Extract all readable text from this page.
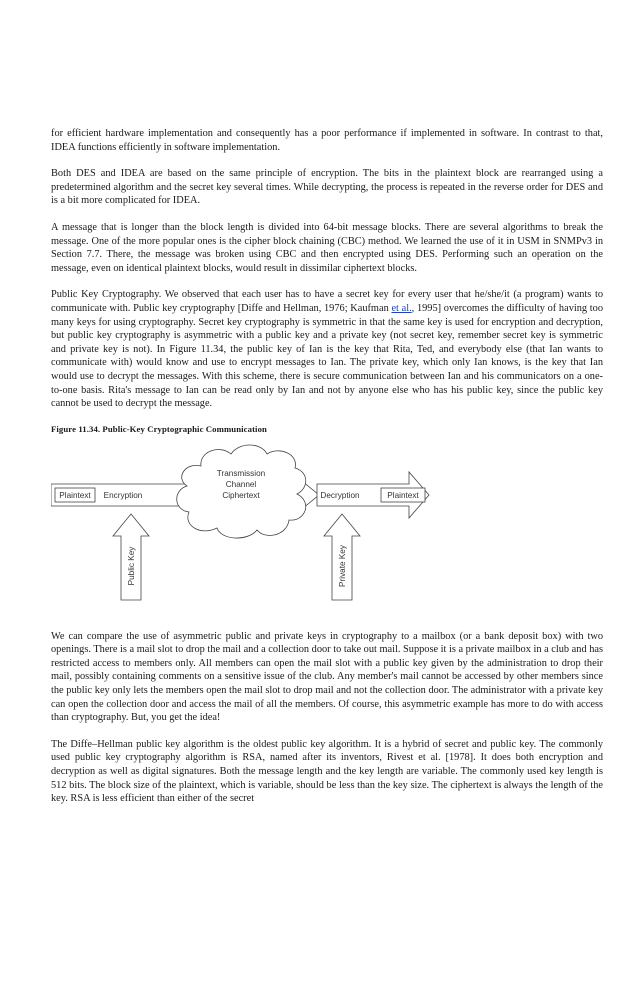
for efficient hardware implementation and consequently has a poor performance if implemented in software. In contrast to that, IDEA functions efficiently in software implementation.

Both DES and IDEA are based on the same principle of encryption. The bits in the plaintext block are rearranged using a predetermined algorithm and the secret key several times. While decrypting, the process is repeated in the reverse order for DES and is a bit more complicated for IDEA.

A message that is longer than the block length is divided into 64-bit message blocks. There are several algorithms to break the message. One of the more popular ones is the cipher block chaining (CBC) method. We learned the use of it in USM in SNMPv3 in Section 7.7. There, the message was broken using CBC and then encrypted using DES. Performing such an operation on the message, even on identical plaintext blocks, would result in dissimilar ciphertext blocks.

Public Key Cryptography. We observed that each user has to have a secret key for every user that he/she/it (a program) wants to communicate with. Public key cryptography [Diffe and Hellman, 1976; Kaufman et al., 1995] overcomes the difficulty of having too many keys for using cryptography. Secret key cryptography is symmetric in that the same key is used for encryption and decryption, but public key cryptography is asymmetric with a public key and a private key (not secret key, remember secret key is symmetric and private key is not). In Figure 11.34, the public key of Ian is the key that Rita, Ted, and everybody else (that Ian wants to communicate with) would know and use to encrypt messages to Ian. The private key, which only Ian knows, is the key that Ian would use to decrypt the messages. With this scheme, there is secure communication between Ian and his communicators on a one-to-one basis. Rita's message to Ian can be read only by Ian and not by anyone else who has his public key, since the public key cannot be used to decrypt the message.

Figure 11.34. Public-Key Cryptographic Communication
Plaintext Encryption
Transmission
Channel
Ciphertext	Decryption	Plaintext
Public Key	Private Key

We can compare the use of asymmetric public and private keys in cryptography to a mailbox (or a bank deposit box) with two openings. There is a mail slot to drop the mail and a collection door to take out mail. Suppose it is a private mailbox in a club and has restricted access to members only. All members can open the mail slot with a public key given by the administration to drop their mail, possibly containing comments on a sensitive issue of the club. Any member's mail cannot be accessed by other members since the public key only lets the members open the mail slot to drop mail and not the collection door. The administrator with a private key can open the collection door and access the mail of all the members. Of course, this asymmetric example has more to do with access than cryptography. But, you get the idea!

The Diffe–Hellman public key algorithm is the oldest public key algorithm. It is a hybrid of secret and public key. The commonly used public key cryptography algorithm is RSA, named after its inventors, Rivest et al. [1978]. It does both encryption and decryption as well as digital signatures. Both the message length and the key length are variable. The commonly used key length is 512 bits. The block size of the plaintext, which is variable, should be less than the key size. The ciphertext is always the length of the key. RSA is less efficient than either of the secret
